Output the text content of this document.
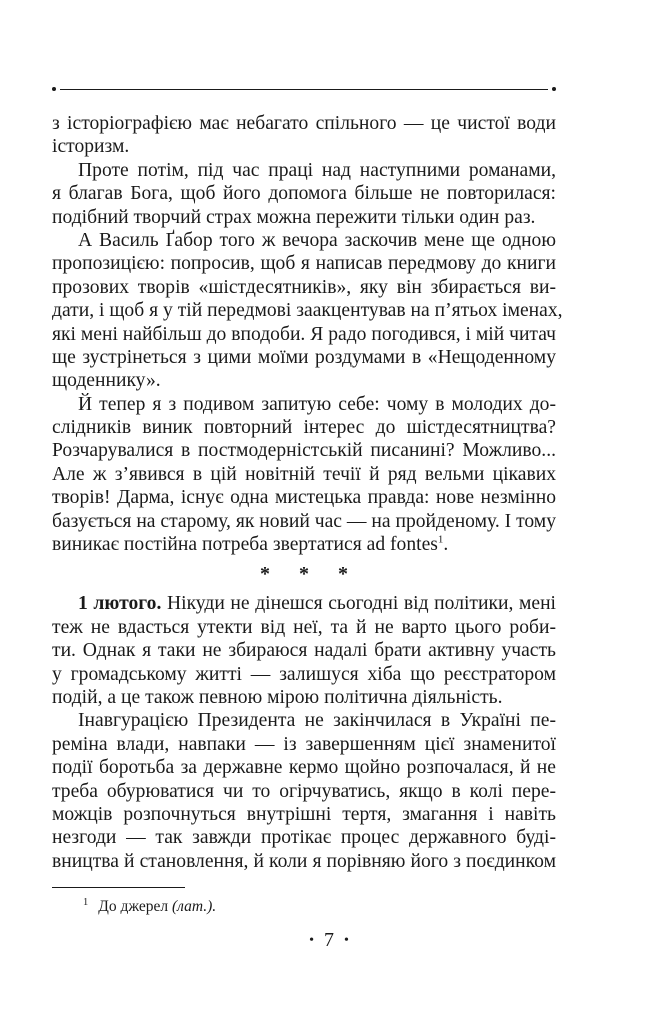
з історіографією має небагато спільного — це чистої води
історизм.
Проте потім, під час праці над наступними романами,
я благав Бога, щоб його допомога більше не повторилася:
подібний творчий страх можна пережити тільки один раз.
А Василь Ґабор того ж вечора заскочив мене ще одною
пропозицією: попросив, щоб я написав передмову до книги
прозових творів «шістдесятників», яку він збирається ви-
дати, і щоб я у тій передмові заакцентував на п’ятьох іменах,
які мені найбільш до вподоби. Я радо погодився, і мій читач
ще зустрінеться з цими моїми роздумами в «Нещоденному
щоденнику».
Й тепер я з подивом запитую себе: чому в молодих до-
слідників виник повторний інтерес до шістдесятництва?
Розчарувалися в постмодерністській писанині? Можливо...
Але ж з’явився в цій новітній течії й ряд вельми цікавих
творів! Дарма, існує одна мистецька правда: нове незмінно
базується на старому, як новий час — на пройденому. І тому
виникає постійна потреба звертатися ad fontes$^1$.
* * *
1 лютого. Нікуди не дінешся сьогодні від політики, мені
теж не вдасться утекти від неї, та й не варто цього роби-
ти. Однак я таки не збираюся надалі брати активну участь
у громадському житті — залишуся хіба що реєстратором
подій, а це також певною мірою політична діяльність.
Інавгурацією Президента не закінчилася в Україні пе-
реміна влади, навпаки — із завершенням цієї знаменитої
події боротьба за державне кермо щойно розпочалася, й не
треба обурюватися чи то огірчуватись, якщо в колі пере-
можців розпочнуться внутрішні тертя, змагання і навіть
незгоди — так завжди протікає процес державного буді-
вництва й становлення, й коли я порівняю його з поєдинком
$^1$ До джерел (лат.).
• 7 •
